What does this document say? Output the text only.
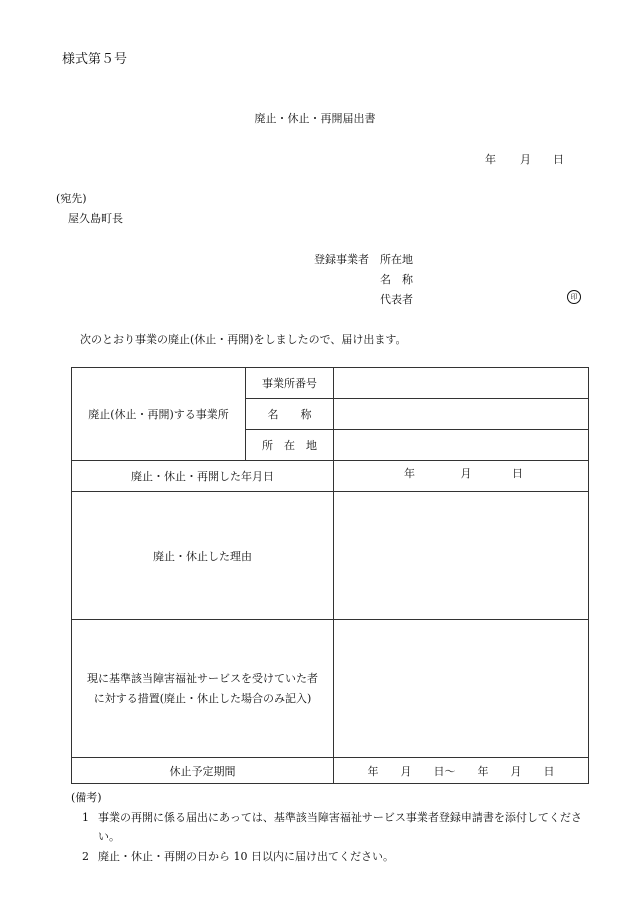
様式第５号
廃止・休止・再開届出書
年 月 日
(宛先)
屋久島町長
登録事業者 所在地
名　称
代表者	印
次のとおり事業の廃止(休止・再開)をしましたので、届け出ます。
廃止(休止・再開)する事業所	事業所番号	
	名　　称	
	所　在　地	
廃止・休止・再開した年月日		年 月 日
廃止・休止した理由		

現に基準該当障害福祉サービスを受けていた者
に対する措置(廃止・休止した場合のみ記入)		

休止予定期間		年　　月　　日～　　年　　月　　日
(備考)
1 事業の再開に係る届出にあっては、基準該当障害福祉サービス事業者登録申請書を添付してください。
2 廃止・休止・再開の日から 10 日以内に届け出てください。
